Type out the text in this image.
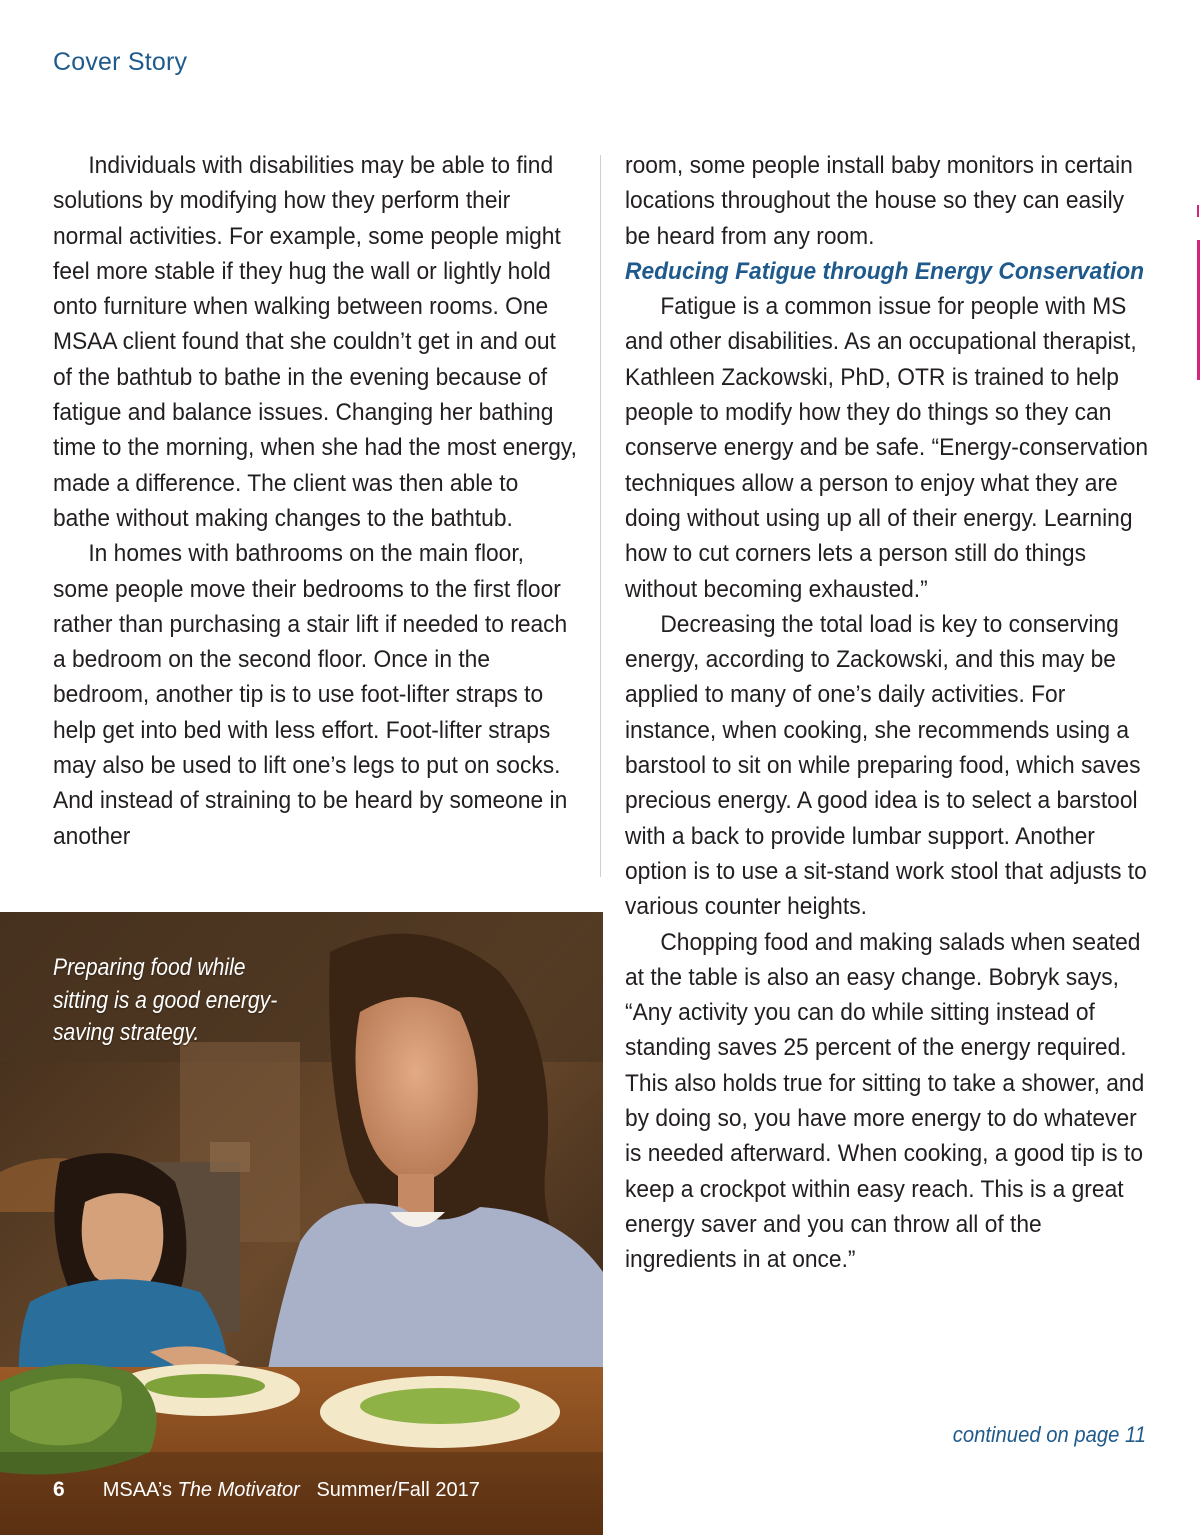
Cover Story

Individuals with disabilities may be able to find solutions by modifying how they perform their normal activities. For example, some people might feel more stable if they hug the wall or lightly hold onto furniture when walking between rooms. One MSAA client found that she couldn’t get in and out of the bathtub to bathe in the evening because of fatigue and balance issues. Changing her bathing time to the morning, when she had the most energy, made a difference. The client was then able to bathe without making changes to the bathtub.

In homes with bathrooms on the main floor, some people move their bedrooms to the first floor rather than purchasing a stair lift if needed to reach a bedroom on the second floor. Once in the bedroom, another tip is to use foot-lifter straps to help get into bed with less effort. Foot-lifter straps may also be used to lift one’s legs to put on socks. And instead of straining to be heard by someone in another

room, some people install baby monitors in certain locations throughout the house so they can easily be heard from any room.

Reducing Fatigue through Energy Conservation

Fatigue is a common issue for people with MS and other disabilities. As an occupational therapist, Kathleen Zackowski, PhD, OTR is trained to help people to modify how they do things so they can conserve energy and be safe. “Energy-conservation techniques allow a person to enjoy what they are doing without using up all of their energy. Learning how to cut corners lets a person still do things without becoming exhausted.”

Decreasing the total load is key to conserving energy, according to Zackowski, and this may be applied to many of one’s daily activities. For instance, when cooking, she recommends using a barstool to sit on while preparing food, which saves precious energy. A good idea is to select a barstool with a back to provide lumbar support. Another option is to use a sit-stand work stool that adjusts to various counter heights.

Chopping food and making salads when seated at the table is also an easy change. Bobryk says, “Any activity you can do while sitting instead of standing saves 25 percent of the energy required. This also holds true for sitting to take a shower, and by doing so, you have more energy to do whatever is needed afterward. When cooking, a good tip is to keep a crockpot within easy reach. This is a great energy saver and you can throw all of the ingredients in at once.”

continued on page 11
Preparing food while sitting is a good energy-saving strategy.
6 MSAA’s The Motivator Summer/Fall 2017
